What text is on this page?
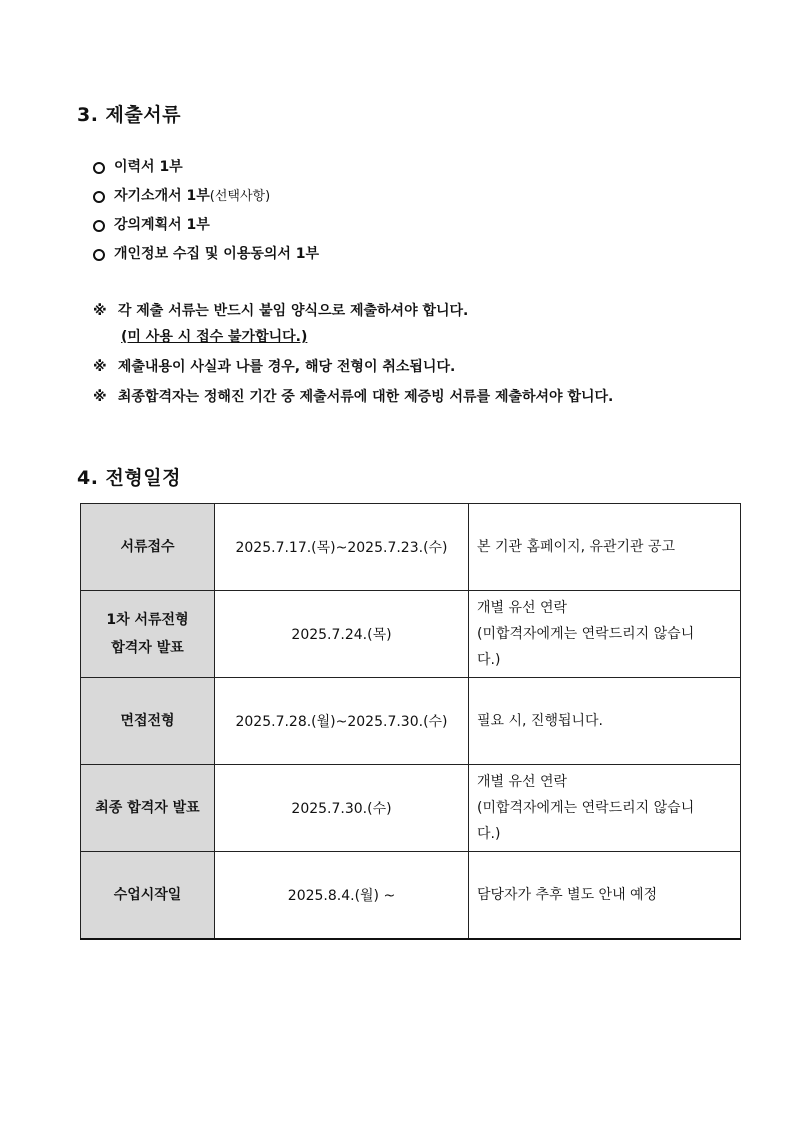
3. 제출서류
이력서 1부
자기소개서 1부 (선택사항)
강의계획서 1부
개인정보 수집 및 이용동의서 1부
※ 각 제출 서류는 반드시 붙임 양식으로 제출하셔야 합니다.
(미 사용 시 접수 불가합니다.)
※ 제출내용이 사실과 나를 경우, 해당 전형이 취소됩니다.
※ 최종합격자는 정해진 기간 중 제출서류에 대한 제증빙 서류를 제출하셔야 합니다.
4. 전형일정
서류접수	2025.7.17.(목)~2025.7.23.(수)	본 기관 홈페이지, 유관기관 공고

1차 서류전형
합격자 발표	2025.7.24.(목)	개별 유선 연락
(미합격자에게는 연락드리지 않습니
다.)

면접전형	2025.7.28.(월)~2025.7.30.(수)	필요 시, 진행됩니다.

최종 합격자 발표	2025.7.30.(수)	개별 유선 연락
(미합격자에게는 연락드리지 않습니
다.)

수업시작일	2025.8.4.(월) ~	담당자가 추후 별도 안내 예정
